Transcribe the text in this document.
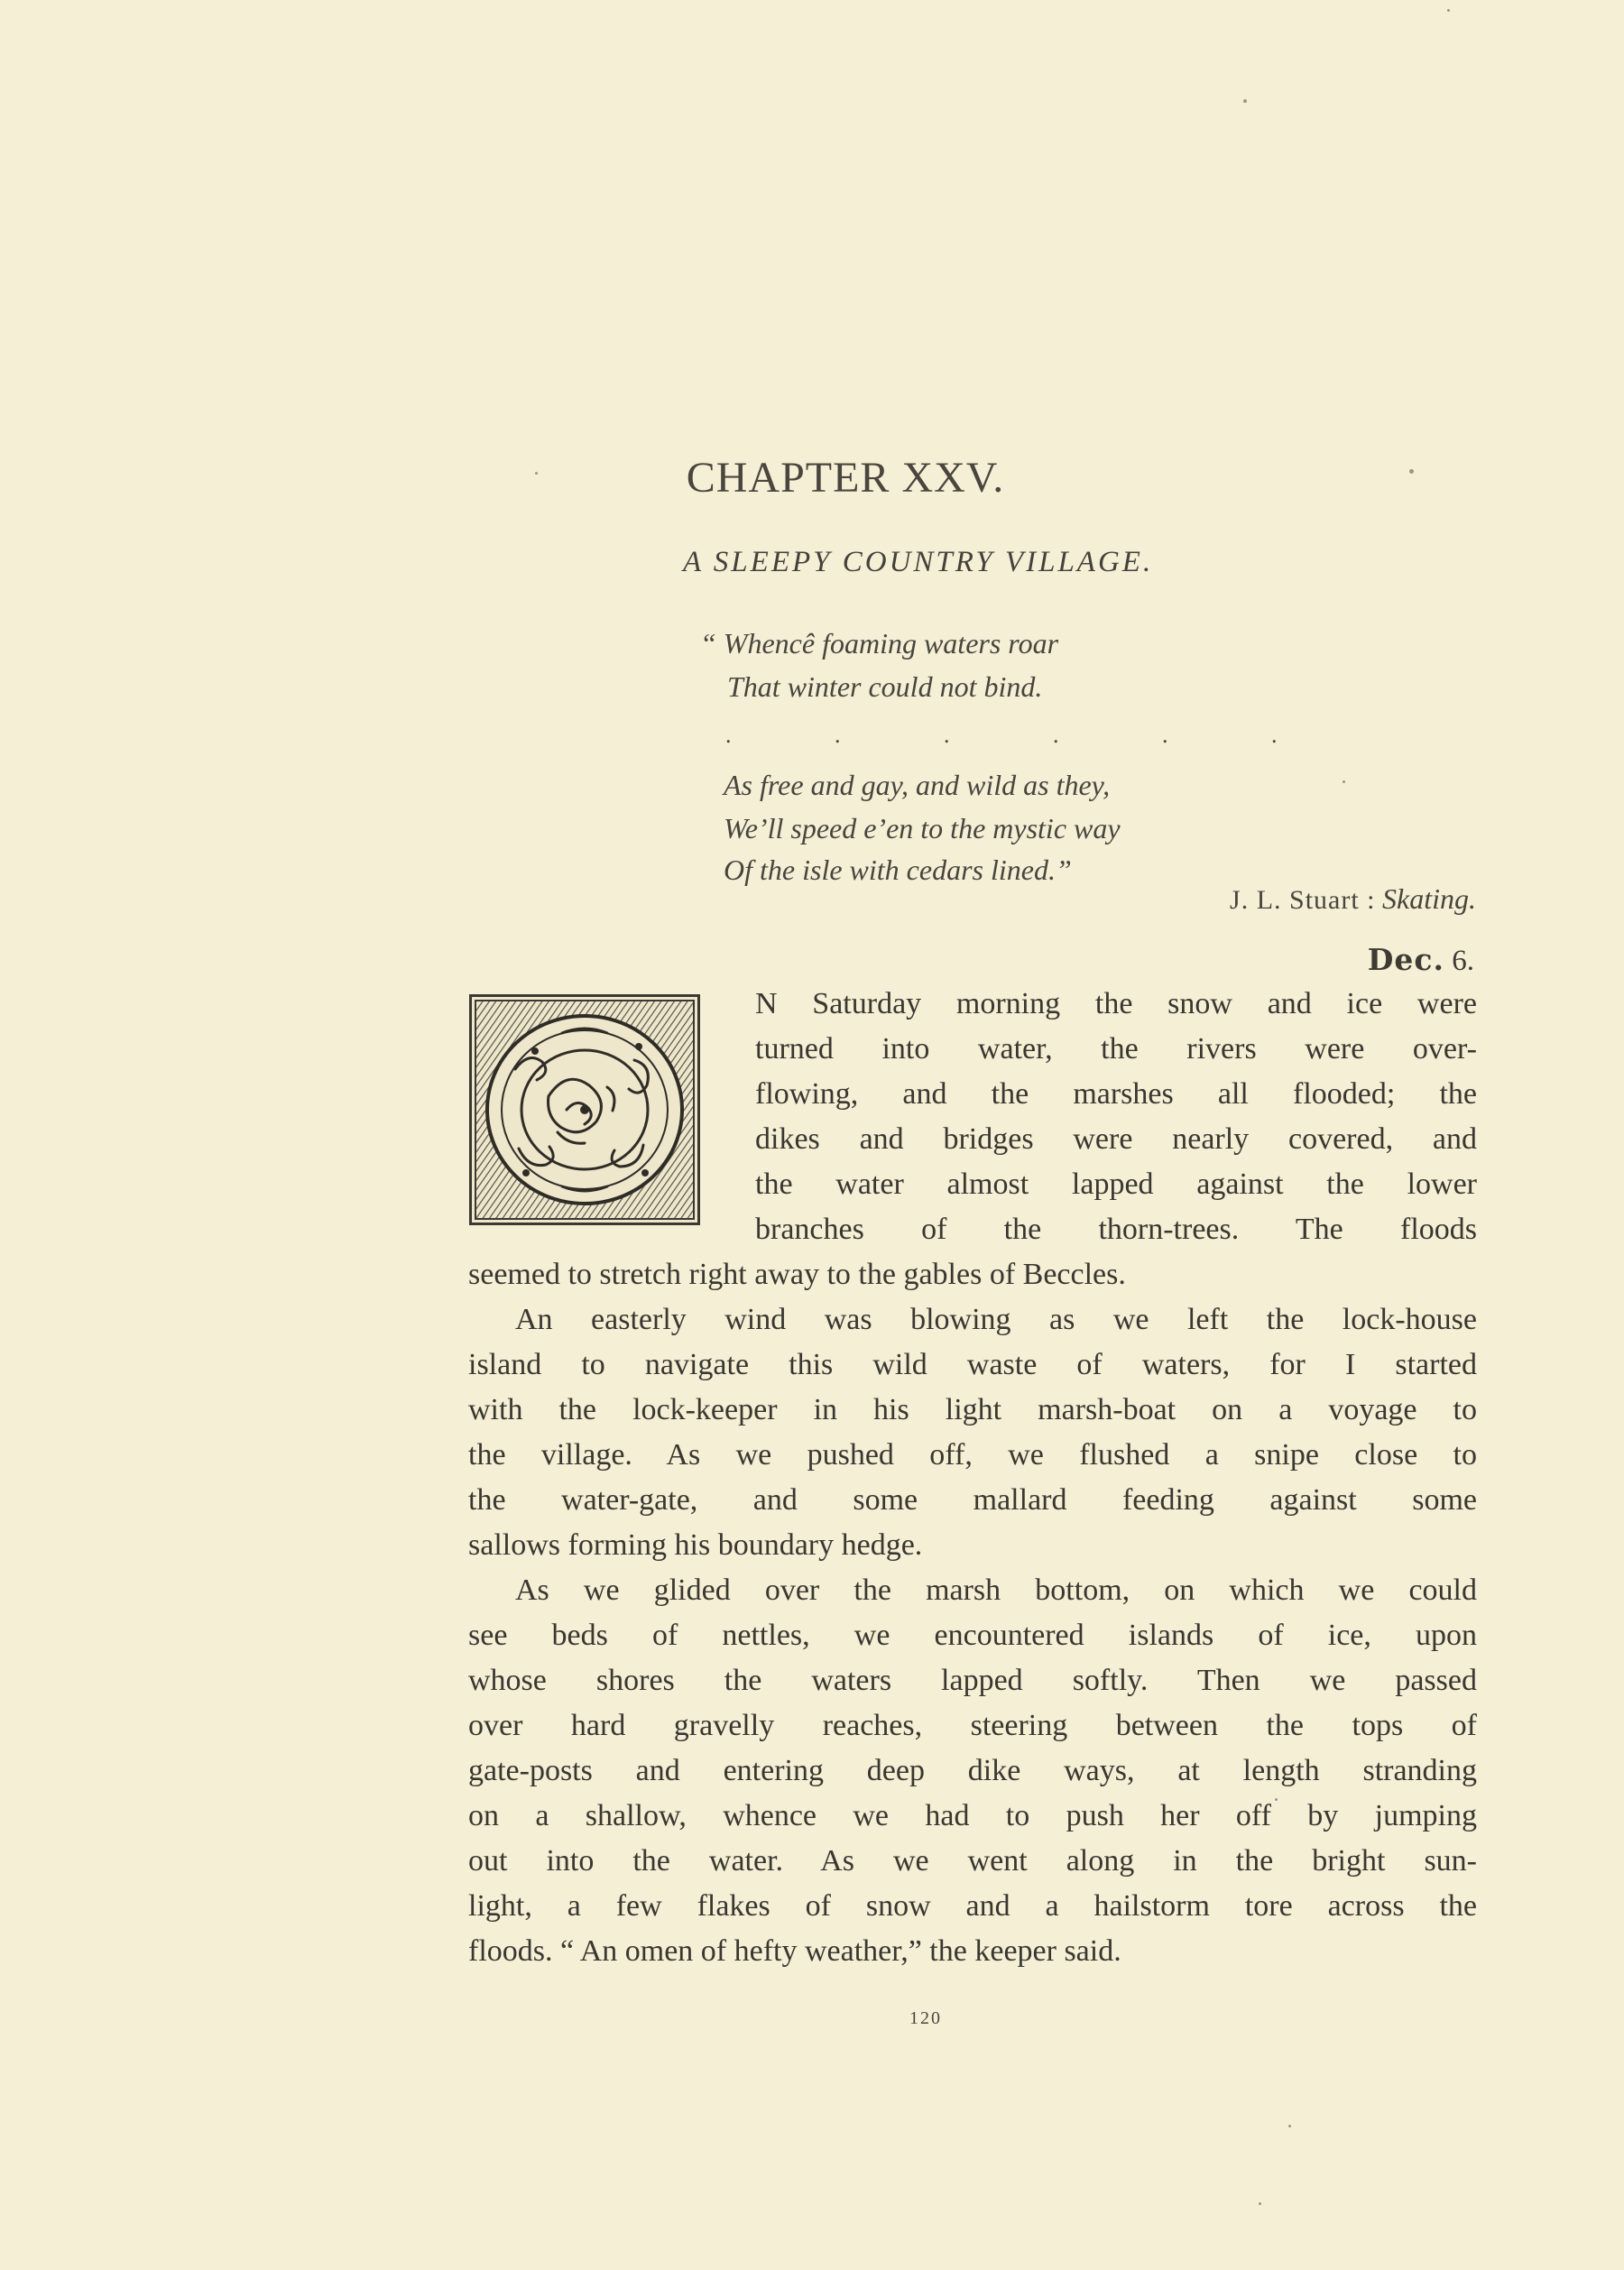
CHAPTER XXV.
A SLEEPY COUNTRY VILLAGE.
“ Whencê foaming waters roar
That winter could not bind.
. . . . . .
As free and gay, and wild as they,
We’ll speed e’en to the mystic way
Of the isle with cedars lined.”
J. L. Stuart : Skating.
Dec. 6.
N Saturday morning the snow and ice were
turned into water, the rivers were over-
flowing, and the marshes all flooded; the
dikes and bridges were nearly covered, and
the water almost lapped against the lower
branches of the thorn-trees. The floods
seemed to stretch right away to the gables of Beccles.
An easterly wind was blowing as we left the lock-house
island to navigate this wild waste of waters, for I started
with the lock-keeper in his light marsh-boat on a voyage to
the village. As we pushed off, we flushed a snipe close to
the water-gate, and some mallard feeding against some
sallows forming his boundary hedge.
As we glided over the marsh bottom, on which we could
see beds of nettles, we encountered islands of ice, upon
whose shores the waters lapped softly. Then we passed
over hard gravelly reaches, steering between the tops of
gate-posts and entering deep dike ways, at length stranding
on a shallow, whence we had to push her off by jumping
out into the water. As we went along in the bright sun-
light, a few flakes of snow and a hailstorm tore across the
floods. “ An omen of hefty weather,” the keeper said.
120
